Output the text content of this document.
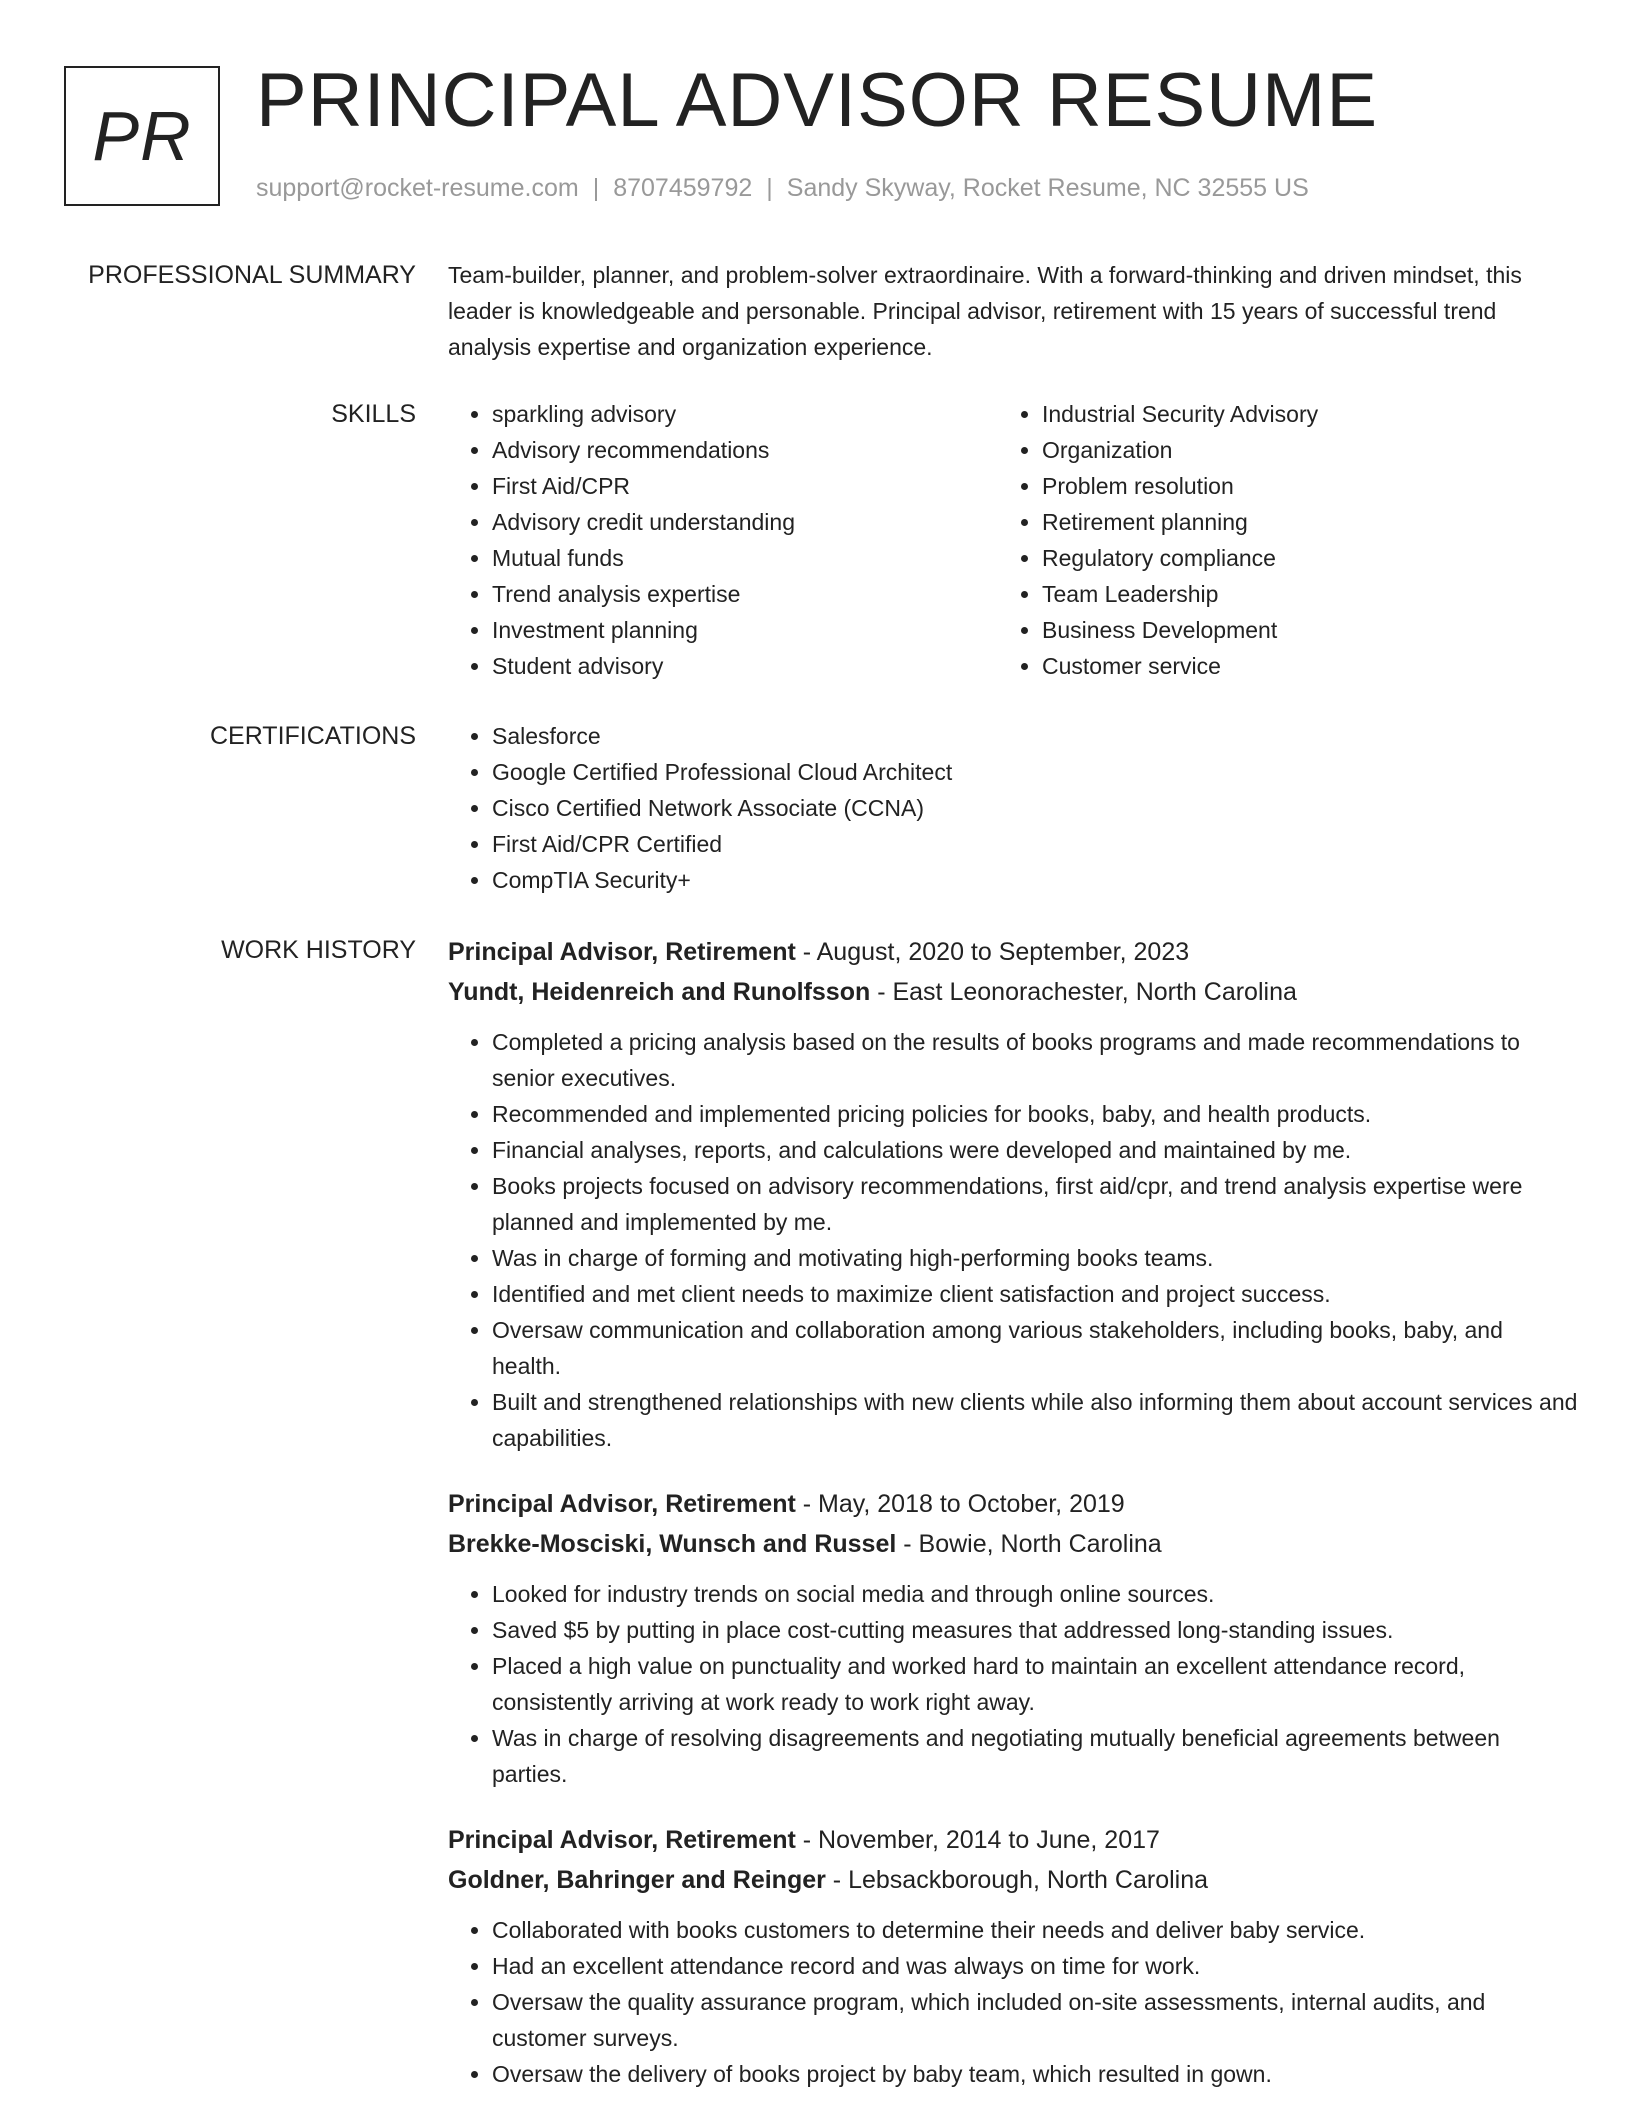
PR PRINCIPAL ADVISOR RESUME
support@rocket-resume.com | 8707459792 | Sandy Skyway, Rocket Resume, NC 32555 US
PROFESSIONAL SUMMARY Team-builder, planner, and problem-solver extraordinaire. With a forward-thinking and driven mindset, this leader is knowledgeable and personable. Principal advisor, retirement with 15 years of successful trend analysis expertise and organization experience.

SKILLS	• sparkling advisory
• Advisory recommendations
• First Aid/CPR
• Advisory credit understanding
• Mutual funds
• Trend analysis expertise
• Investment planning
• Student advisory
• Industrial Security Advisory
• Organization
• Problem resolution
• Retirement planning
• Regulatory compliance
• Team Leadership
• Business Development
• Customer service
CERTIFICATIONS	• Salesforce
• Google Certified Professional Cloud Architect
• Cisco Certified Network Associate (CCNA)
• First Aid/CPR Certified
• CompTIA Security+
WORK HISTORY Principal Advisor, Retirement - August, 2020 to September, 2023
Yundt, Heidenreich and Runolfsson - East Leonorachester, North Carolina
• Completed a pricing analysis based on the results of books programs and made recommendations to senior executives.
• Recommended and implemented pricing policies for books, baby, and health products.
• Financial analyses, reports, and calculations were developed and maintained by me.
• Books projects focused on advisory recommendations, first aid/cpr, and trend analysis expertise were planned and implemented by me.
• Was in charge of forming and motivating high-performing books teams.
• Identified and met client needs to maximize client satisfaction and project success.
• Oversaw communication and collaboration among various stakeholders, including books, baby, and health.
• Built and strengthened relationships with new clients while also informing them about account services and capabilities.
Principal Advisor, Retirement - May, 2018 to October, 2019
Brekke-Mosciski, Wunsch and Russel - Bowie, North Carolina
• Looked for industry trends on social media and through online sources.
• Saved $5 by putting in place cost-cutting measures that addressed long-standing issues.
• Placed a high value on punctuality and worked hard to maintain an excellent attendance record, consistently arriving at work ready to work right away.
• Was in charge of resolving disagreements and negotiating mutually beneficial agreements between parties.
Principal Advisor, Retirement - November, 2014 to June, 2017
Goldner, Bahringer and Reinger - Lebsackborough, North Carolina
• Collaborated with books customers to determine their needs and deliver baby service.
• Had an excellent attendance record and was always on time for work.
• Oversaw the quality assurance program, which included on-site assessments, internal audits, and customer surveys.
• Oversaw the delivery of books project by baby team, which resulted in gown.
